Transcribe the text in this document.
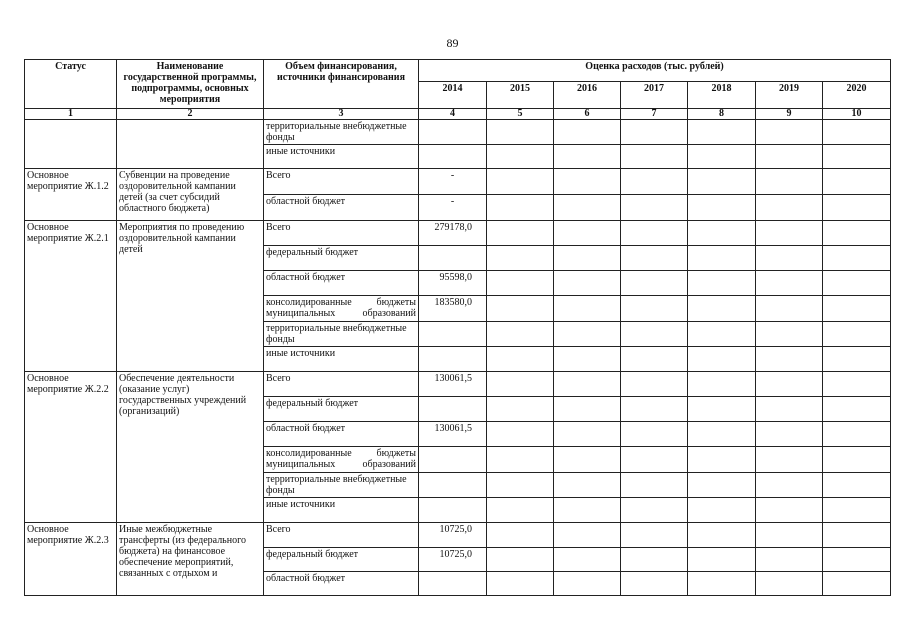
89
Статус	Наименование государственной программы, подпрограммы, основных мероприятия	Объем финансирования, источники финансирования	Оценка расходов (тыс. рублей)						
			2014	2015	2016	2017	2018	2019	2020
1	2	3	4	5	6	7	8	9	10
		территориальные внебюджетные фонды							
		иные источники							
Основное мероприятие Ж.1.2	Субвенции на проведение оздоровительной кампании детей (за счет субсидий областного бюджета)	Всего	-						
		областной бюджет	-						
Основное мероприятие Ж.2.1	Мероприятия по проведению оздоровительной кампании детей	Всего	279178,0						
		федеральный бюджет							
		областной бюджет	95598,0						
		консолидированные бюджеты муниципальных образований	183580,0						
		территориальные внебюджетные фонды							
		иные источники							
Основное мероприятие Ж.2.2	Обеспечение деятельности (оказание услуг) государственных учреждений (организаций)	Всего	130061,5						
		федеральный бюджет							
		областной бюджет	130061,5						
		консолидированные бюджеты муниципальных образований							
		территориальные внебюджетные фонды							
		иные источники							
Основное мероприятие Ж.2.3	Иные межбюджетные трансферты (из федерального бюджета) на финансовое обеспечение мероприятий, связанных с отдыхом и	Всего	10725,0						
		федеральный бюджет	10725,0						
		областной бюджет							
